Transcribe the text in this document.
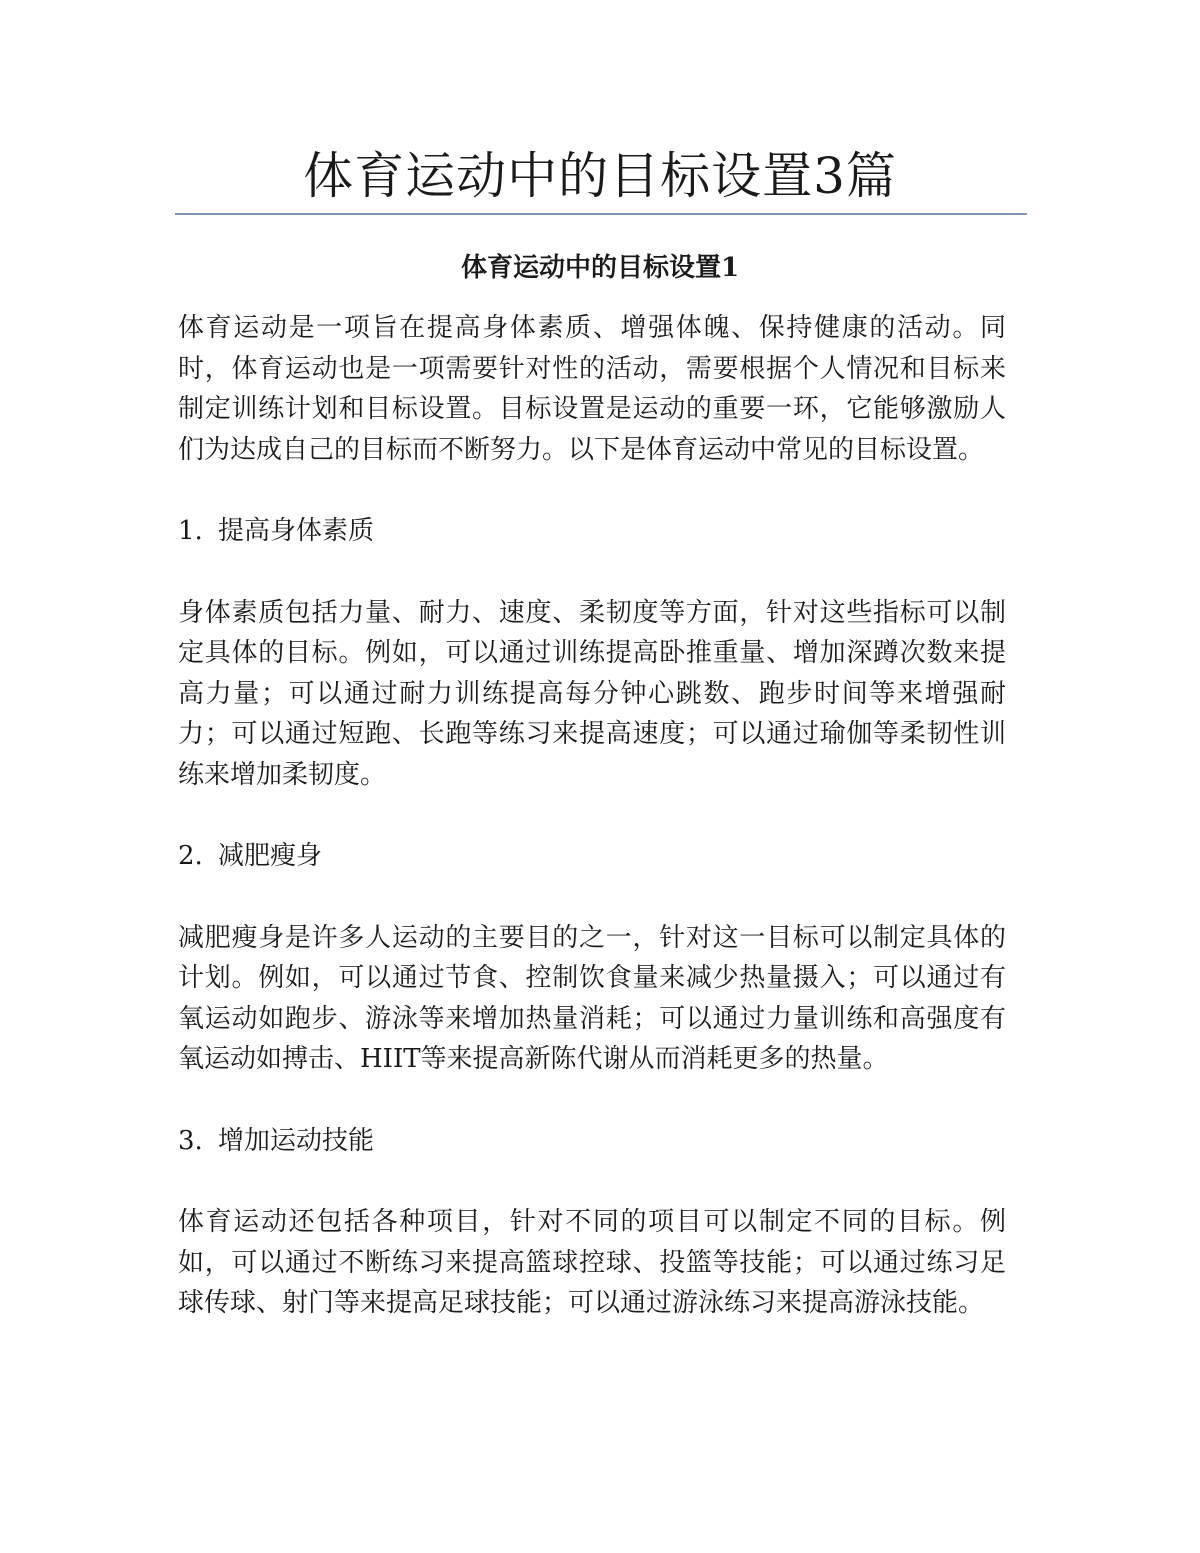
体育运动中的目标设置3篇
体育运动中的目标设置1

体育运动是一项旨在提高身体素质、增强体魄、保持健康的活动。同时，体育运动也是一项需要针对性的活动，需要根据个人情况和目标来制定训练计划和目标设置。目标设置是运动的重要一环，它能够激励人们为达成自己的目标而不断努力。以下是体育运动中常见的目标设置。

1. 提高身体素质

身体素质包括力量、耐力、速度、柔韧度等方面，针对这些指标可以制定具体的目标。例如，可以通过训练提高卧推重量、增加深蹲次数来提高力量；可以通过耐力训练提高每分钟心跳数、跑步时间等来增强耐力；可以通过短跑、长跑等练习来提高速度；可以通过瑜伽等柔韧性训练来增加柔韧度。

2. 减肥瘦身

减肥瘦身是许多人运动的主要目的之一，针对这一目标可以制定具体的计划。例如，可以通过节食、控制饮食量来减少热量摄入；可以通过有氧运动如跑步、游泳等来增加热量消耗；可以通过力量训练和高强度有氧运动如搏击、HIIT等来提高新陈代谢从而消耗更多的热量。

3. 增加运动技能

体育运动还包括各种项目，针对不同的项目可以制定不同的目标。例如，可以通过不断练习来提高篮球控球、投篮等技能；可以通过练习足球传球、射门等来提高足球技能；可以通过游泳练习来提高游泳技能。
